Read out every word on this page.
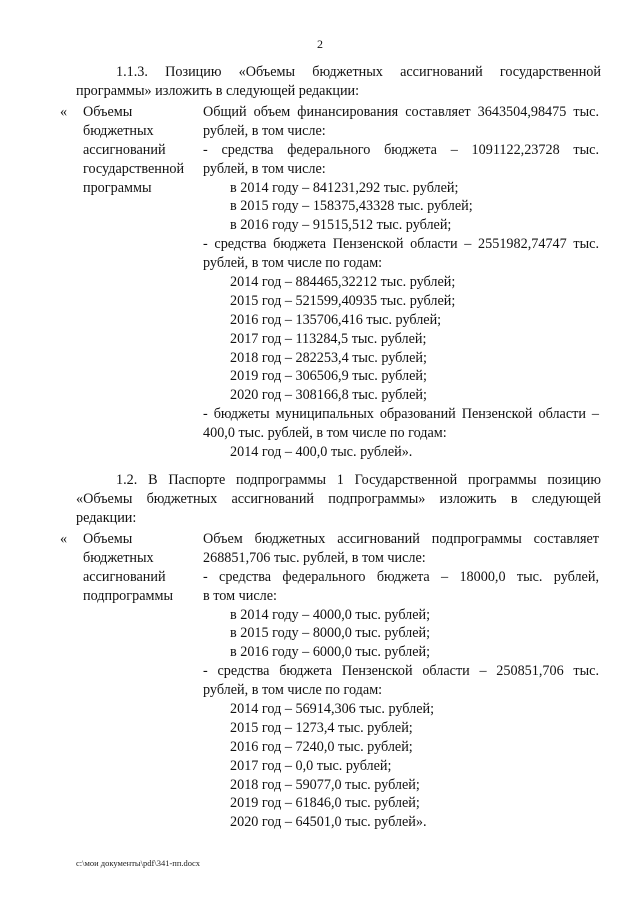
2
1.1.3. Позицию «Объемы бюджетных ассигнований государственной
программы» изложить в следующей редакции:
« Объемы
бюджетных
ассигнований
государственной
программы
Общий объем финансирования составляет 3643504,98475 тыс.
рублей, в том числе:
- средства федерального бюджета – 1091122,23728 тыс.
рублей, в том числе:
в 2014 году – 841231,292 тыс. рублей;
в 2015 году – 158375,43328 тыс. рублей;
в 2016 году – 91515,512 тыс. рублей;
- средства бюджета Пензенской области – 2551982,74747 тыс.
рублей, в том числе по годам:
2014 год – 884465,32212 тыс. рублей;
2015 год – 521599,40935 тыс. рублей;
2016 год – 135706,416 тыс. рублей;
2017 год – 113284,5 тыс. рублей;
2018 год – 282253,4 тыс. рублей;
2019 год – 306506,9 тыс. рублей;
2020 год – 308166,8 тыс. рублей;
- бюджеты муниципальных образований Пензенской области –
400,0 тыс. рублей, в том числе по годам:
2014 год – 400,0 тыс. рублей».
1.2. В Паспорте подпрограммы 1 Государственной программы позицию
«Объемы бюджетных ассигнований подпрограммы» изложить в следующей
редакции:
« Объемы
бюджетных
ассигнований
подпрограммы
Объем бюджетных ассигнований подпрограммы составляет
268851,706 тыс. рублей, в том числе:
- средства федерального бюджета – 18000,0 тыс. рублей,
в том числе:
в 2014 году – 4000,0 тыс. рублей;
в 2015 году – 8000,0 тыс. рублей;
в 2016 году – 6000,0 тыс. рублей;
- средства бюджета Пензенской области – 250851,706 тыс.
рублей, в том числе по годам:
2014 год – 56914,306 тыс. рублей;
2015 год – 1273,4 тыс. рублей;
2016 год – 7240,0 тыс. рублей;
2017 год – 0,0 тыс. рублей;
2018 год – 59077,0 тыс. рублей;
2019 год – 61846,0 тыс. рублей;
2020 год – 64501,0 тыс. рублей».
c:\мои документы\pdf\341-пп.docx
